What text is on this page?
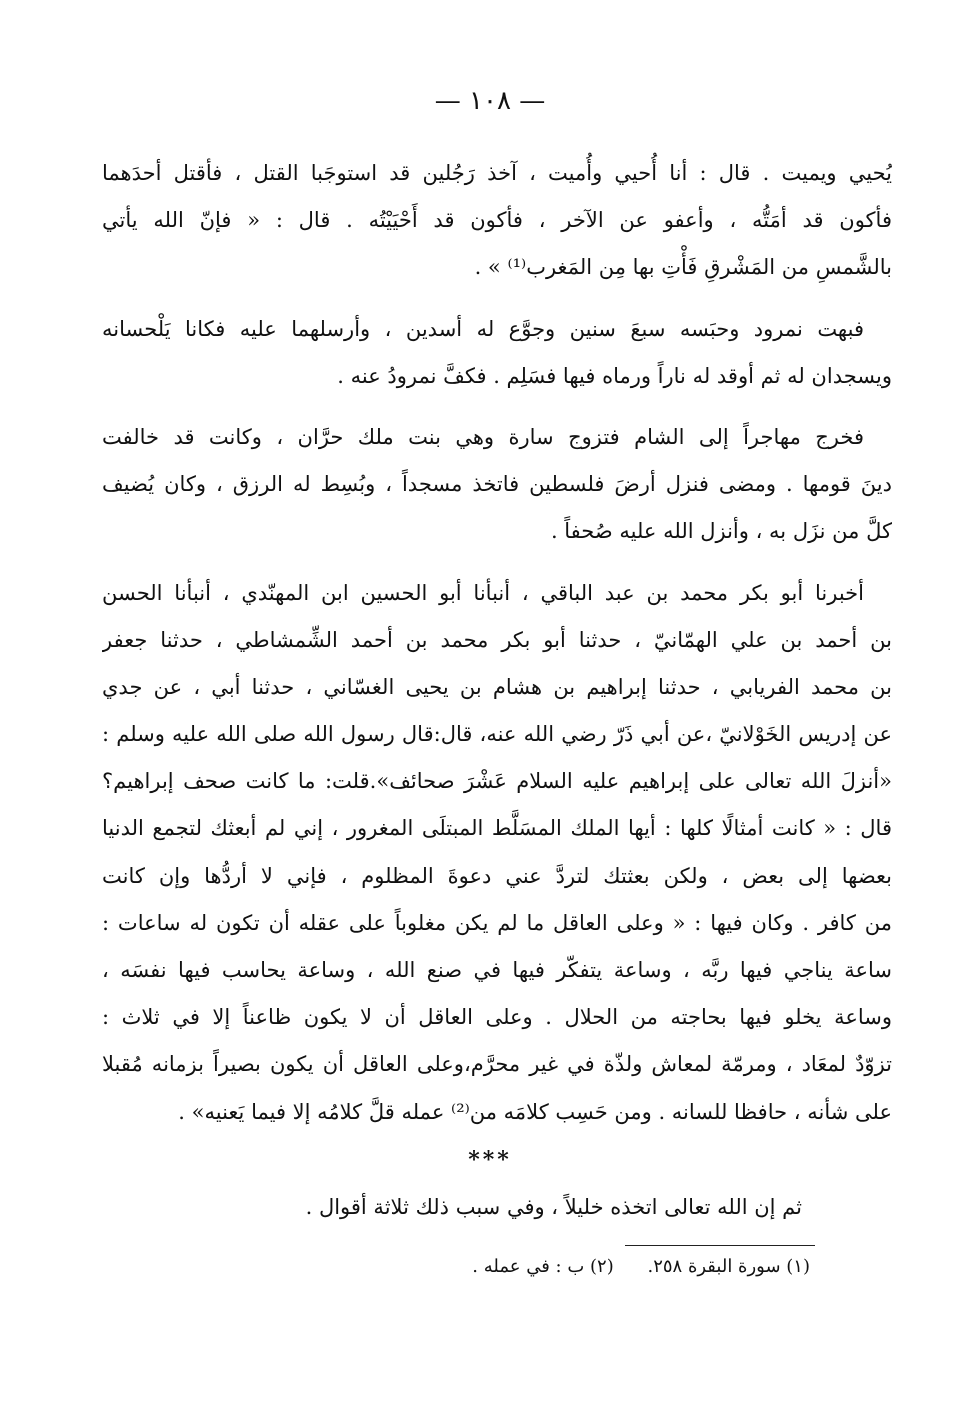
— ١٠٨ —
يُحيي ويميت . قال : أنا أُحيي وأُميت ، آخذ رَجُلين قد استوجَبا القتل ، فأقتل أحدَهما
فأكون قد أمَتُّه ، وأعفو عن الآخر ، فأكون قد أَحْيَيْتُه . قال : « فإنّ الله يأتي
بالشَّمسِ من المَشْرقِ فَأْتِ بها مِن المَغرب⁽¹⁾ » .
فبهت نمرود وحبَسه سبعَ سنين وجوَّع له أسدين ، وأرسلهما عليه فكانا يَلْحسانه
ويسجدان له ثم أوقد له ناراً ورماه فيها فسَلِم . فكفَّ نمرودُ عنه .
فخرج مهاجراً إلى الشام فتزوج سارة وهي بنت ملك حرَّان ، وكانت قد خالفت
دينَ قومها . ومضى فنزل أرضَ فلسطين فاتخذ مسجداً ، وبُسِط له الرزق ، وكان يُضيف
كلَّ من نزَل به ، وأنزل الله عليه صُحفاً .
أخبرنا أبو بكر محمد بن عبد الباقي ، أنبأنا أبو الحسين ابن المهنّدي ، أنبأنا الحسن
بن أحمد بن علي الهمّانيّ ، حدثنا أبو بكر محمد بن أحمد الشِّمشاطي ، حدثنا جعفر
بن محمد الفريابي ، حدثنا إبراهيم بن هشام بن يحيى الغسّاني ، حدثنا أبي ، عن جدي
عن إدريس الخَوْلانيّ ،عن أبي ذَرّ رضي الله عنه، قال:قال رسول الله صلى الله عليه وسلم :
«أنزلَ الله تعالى على إبراهيم عليه السلام عَشْرَ صحائف».قلت: ما كانت صحف إبراهيم؟
قال : « كانت أمثالًا كلها : أيها الملك المسَلَّط المبتلَى المغرور ، إني لم أبعثك لتجمع الدنيا
بعضها إلى بعض ، ولكن بعثتك لتردَّ عني دعوةَ المظلوم ، فإني لا أردُّها وإن كانت
من كافر . وكان فيها : « وعلى العاقل ما لم يكن مغلوباً على عقله أن تكون له ساعات :
ساعة يناجي فيها ربَّه ، وساعة يتفكّر فيها في صنع الله ، وساعة يحاسب فيها نفسَه ،
وساعة يخلو فيها بحاجته من الحلال . وعلى العاقل أن لا يكون ظاعناً إلا في ثلاث :
تزوّدٌ لمعَاد ، ومرمّة لمعاش ولذّة في غير محرَّم،وعلى العاقل أن يكون بصيراً بزمانه مُقبلا
على شأنه ، حافظا للسانه . ومن حَسِب كلامَه من⁽²⁾ عمله قلَّ كلامُه إلا فيما يَعنيه» .
***
ثم إن الله تعالى اتخذه خليلاً ، وفي سبب ذلك ثلاثة أقوال .
(١) سورة البقرة ٢٥٨. (٢) ب : في عمله .
